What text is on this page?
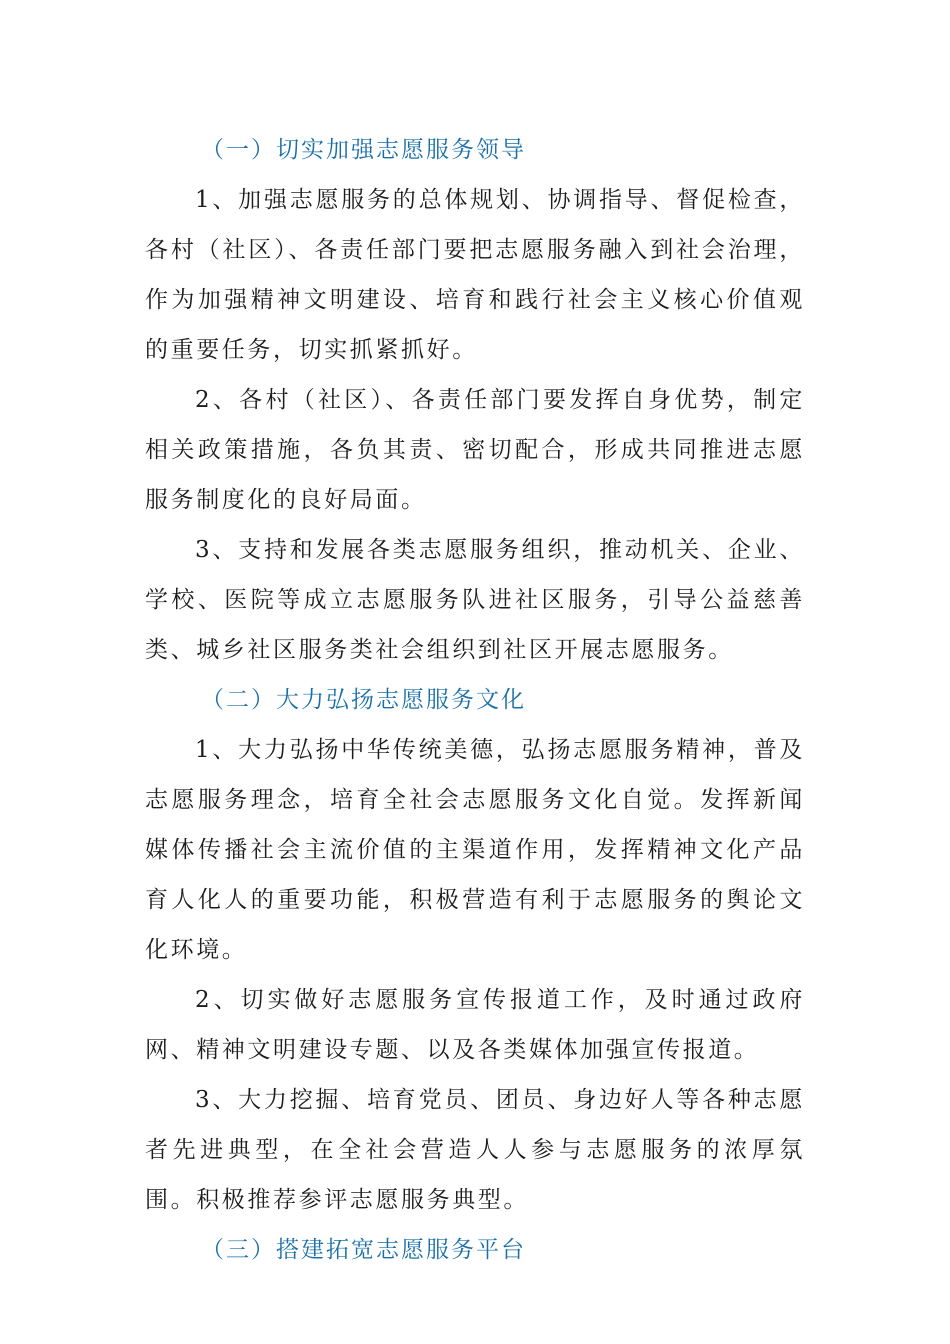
（一）切实加强志愿服务领导

1、加强志愿服务的总体规划、协调指导、督促检查，各村（社区）、各责任部门要把志愿服务融入到社会治理，作为加强精神文明建设、培育和践行社会主义核心价值观的重要任务，切实抓紧抓好。

2、各村（社区）、各责任部门要发挥自身优势，制定相关政策措施，各负其责、密切配合，形成共同推进志愿服务制度化的良好局面。

3、支持和发展各类志愿服务组织，推动机关、企业、学校、医院等成立志愿服务队进社区服务，引导公益慈善类、城乡社区服务类社会组织到社区开展志愿服务。

（二）大力弘扬志愿服务文化

1、大力弘扬中华传统美德，弘扬志愿服务精神，普及志愿服务理念，培育全社会志愿服务文化自觉。发挥新闻媒体传播社会主流价值的主渠道作用，发挥精神文化产品育人化人的重要功能，积极营造有利于志愿服务的舆论文化环境。

2、切实做好志愿服务宣传报道工作，及时通过政府网、精神文明建设专题、以及各类媒体加强宣传报道。

3、大力挖掘、培育党员、团员、身边好人等各种志愿者先进典型，在全社会营造人人参与志愿服务的浓厚氛围。积极推荐参评志愿服务典型。

（三）搭建拓宽志愿服务平台
